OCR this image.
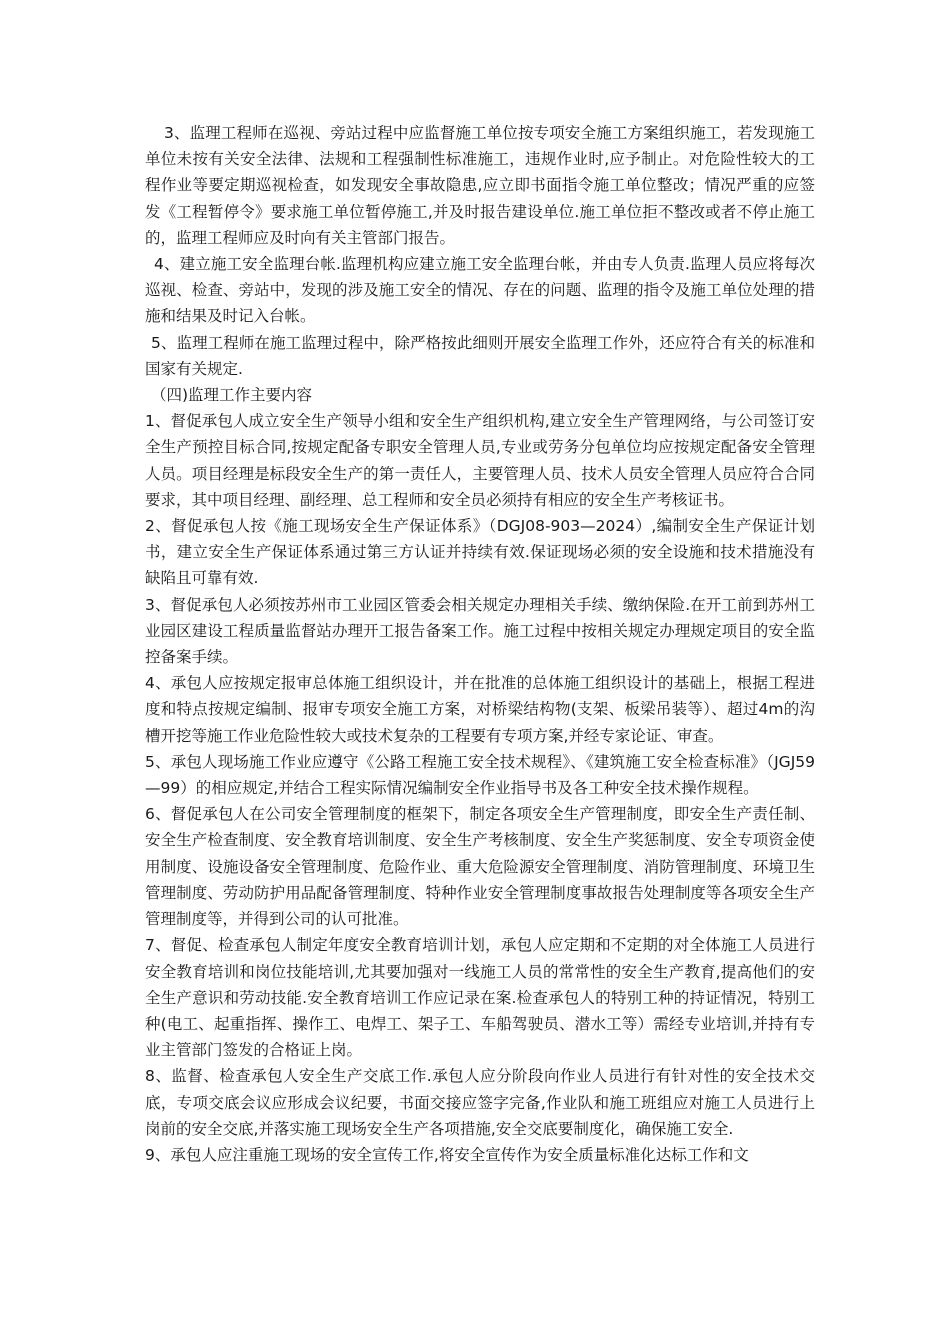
3、监理工程师在巡视、旁站过程中应监督施工单位按专项安全施工方案组织施工，若发现施工单位未按有关安全法律、法规和工程强制性标准施工，违规作业时,应予制止。对危险性较大的工程作业等要定期巡视检查，如发现安全事故隐患,应立即书面指令施工单位整改；情况严重的应签发《工程暂停令》要求施工单位暂停施工,并及时报告建设单位.施工单位拒不整改或者不停止施工的，监理工程师应及时向有关主管部门报告。

4、建立施工安全监理台帐.监理机构应建立施工安全监理台帐，并由专人负责.监理人员应将每次巡视、检查、旁站中，发现的涉及施工安全的情况、存在的问题、监理的指令及施工单位处理的措施和结果及时记入台帐。

5、监理工程师在施工监理过程中，除严格按此细则开展安全监理工作外，还应符合有关的标准和国家有关规定.

（四)监理工作主要内容

1、督促承包人成立安全生产领导小组和安全生产组织机构,建立安全生产管理网络，与公司签订安全生产预控目标合同,按规定配备专职安全管理人员,专业或劳务分包单位均应按规定配备安全管理人员。项目经理是标段安全生产的第一责任人，主要管理人员、技术人员安全管理人员应符合合同要求，其中项目经理、副经理、总工程师和安全员必须持有相应的安全生产考核证书。

2、督促承包人按《施工现场安全生产保证体系》（DGJ08-903—2024）,编制安全生产保证计划书，建立安全生产保证体系通过第三方认证并持续有效.保证现场必须的安全设施和技术措施没有缺陷且可靠有效.

3、督促承包人必须按苏州市工业园区管委会相关规定办理相关手续、缴纳保险.在开工前到苏州工业园区建设工程质量监督站办理开工报告备案工作。施工过程中按相关规定办理规定项目的安全监控备案手续。

4、承包人应按规定报审总体施工组织设计，并在批准的总体施工组织设计的基础上，根据工程进度和特点按规定编制、报审专项安全施工方案，对桥梁结构物(支架、板梁吊装等）、超过4m的沟槽开挖等施工作业危险性较大或技术复杂的工程要有专项方案,并经专家论证、审查。

5、承包人现场施工作业应遵守《公路工程施工安全技术规程》、《建筑施工安全检查标准》（JGJ59—99）的相应规定,并结合工程实际情况编制安全作业指导书及各工种安全技术操作规程。

6、督促承包人在公司安全管理制度的框架下，制定各项安全生产管理制度，即安全生产责任制、安全生产检查制度、安全教育培训制度、安全生产考核制度、安全生产奖惩制度、安全专项资金使用制度、设施设备安全管理制度、危险作业、重大危险源安全管理制度、消防管理制度、环境卫生管理制度、劳动防护用品配备管理制度、特种作业安全管理制度事故报告处理制度等各项安全生产管理制度等，并得到公司的认可批准。

7、督促、检查承包人制定年度安全教育培训计划，承包人应定期和不定期的对全体施工人员进行安全教育培训和岗位技能培训,尤其要加强对一线施工人员的常常性的安全生产教育,提高他们的安全生产意识和劳动技能.安全教育培训工作应记录在案.检查承包人的特别工种的持证情况，特别工种(电工、起重指挥、操作工、电焊工、架子工、车船驾驶员、潜水工等）需经专业培训,并持有专业主管部门签发的合格证上岗。

8、监督、检查承包人安全生产交底工作.承包人应分阶段向作业人员进行有针对性的安全技术交底，专项交底会议应形成会议纪要，书面交接应签字完备,作业队和施工班组应对施工人员进行上岗前的安全交底,并落实施工现场安全生产各项措施,安全交底要制度化，确保施工安全.

9、承包人应注重施工现场的安全宣传工作,将安全宣传作为安全质量标准化达标工作和文
